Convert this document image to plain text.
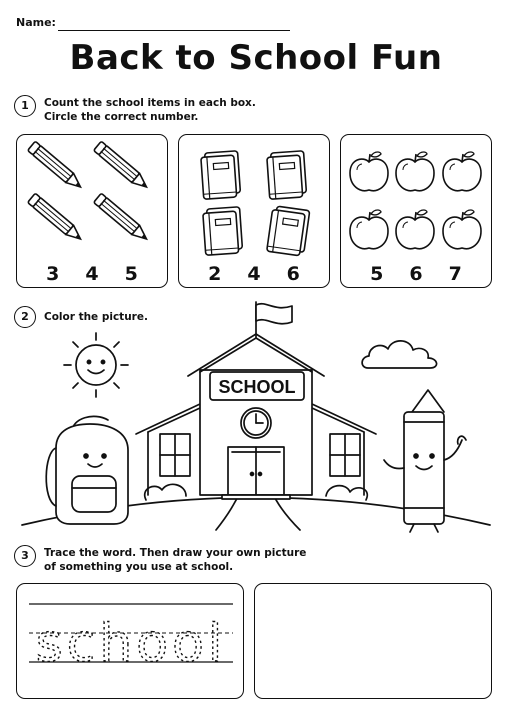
Name:
Back to School Fun
1	Count the school items in each box.
Circle the correct number.
3 4 5	2 4 6	5 6 7
2	Color the picture.
SCHOOL
3	Trace the word. Then draw your own picture
of something you use at school.
school
